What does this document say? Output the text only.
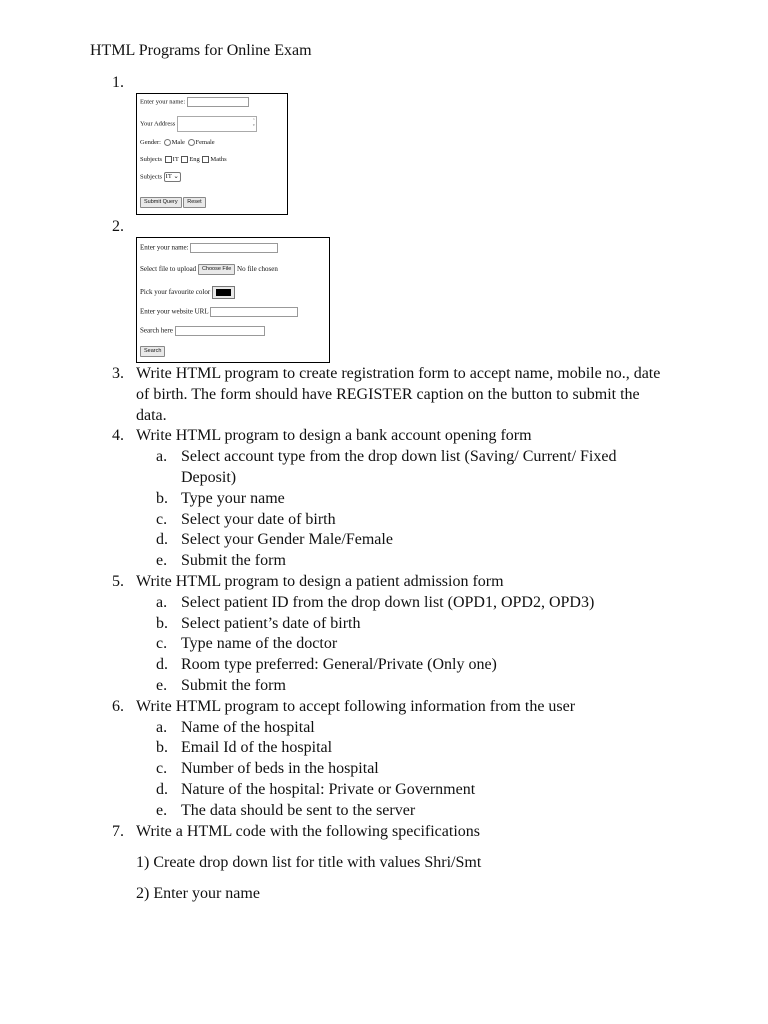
HTML Programs for Online Exam
1.
Enter your name:
Your Address ^ v
Gender: Male Female
Subjects IT Eng Maths
Subjects IT ⌄
Submit Query Reset
2.
Enter your name:
Select file to upload Choose File No file chosen
Pick your favourite color
Enter your website URL
Search here
Search
3. Write HTML program to create registration form to accept name, mobile no., date
of birth. The form should have REGISTER caption on the button to submit the
data.
4. Write HTML program to design a bank account opening form
a. Select account type from the drop down list (Saving/ Current/ Fixed
Deposit)
b. Type your name
c. Select your date of birth
d. Select your Gender Male/Female
e. Submit the form
5. Write HTML program to design a patient admission form
a. Select patient ID from the drop down list (OPD1, OPD2, OPD3)
b. Select patient’s date of birth
c. Type name of the doctor
d. Room type preferred: General/Private (Only one)
e. Submit the form
6. Write HTML program to accept following information from the user
a. Name of the hospital
b. Email Id of the hospital
c. Number of beds in the hospital
d. Nature of the hospital: Private or Government
e. The data should be sent to the server
7. Write a HTML code with the following specifications
1) Create drop down list for title with values Shri/Smt
2) Enter your name
